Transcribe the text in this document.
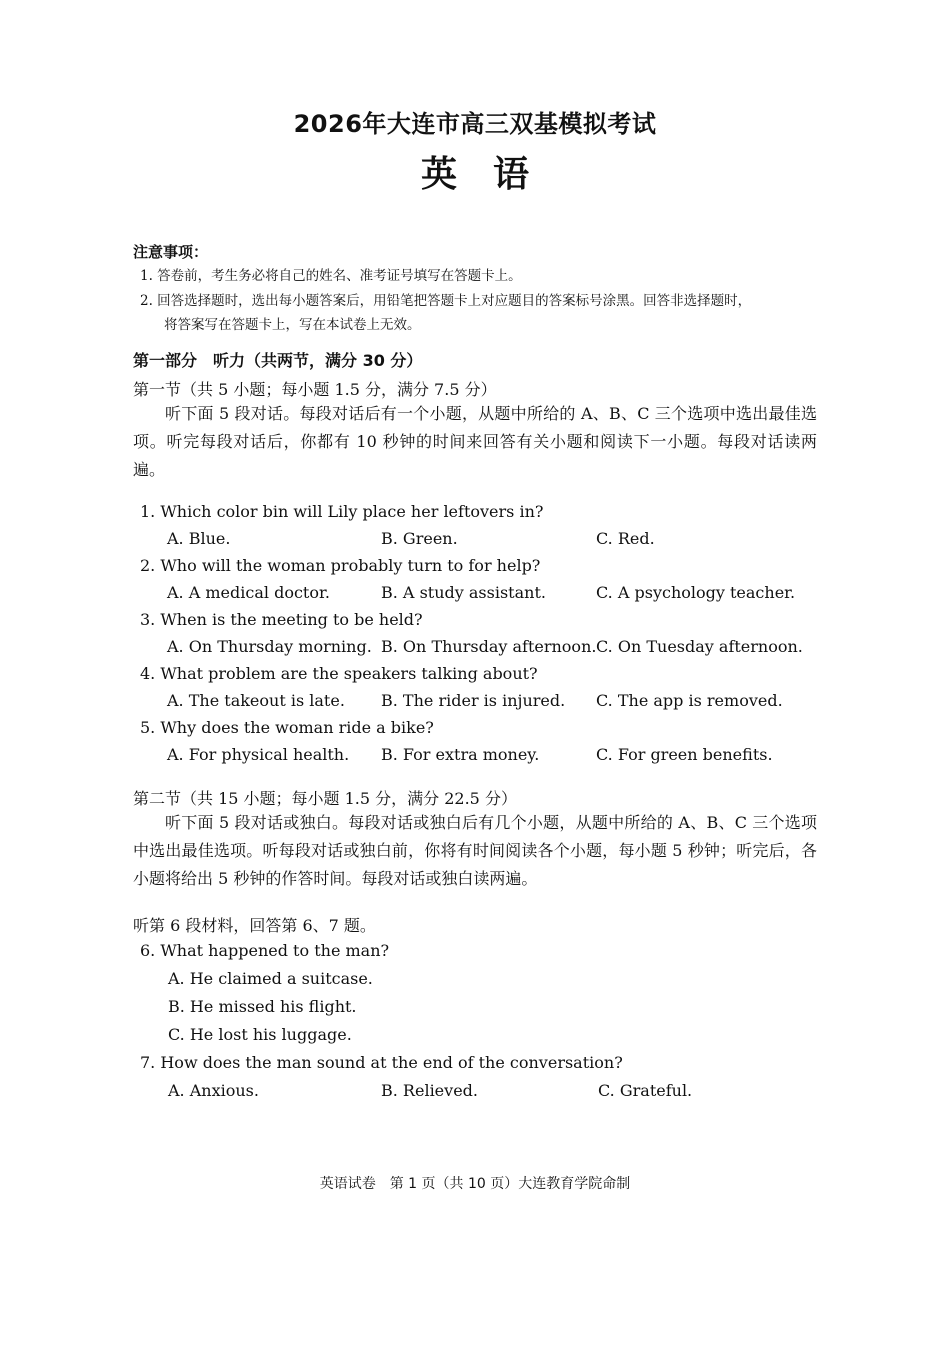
2026年大连市高三双基模拟考试
英语
注意事项：
1. 答卷前，考生务必将自己的姓名、准考证号填写在答题卡上。
2. 回答选择题时，选出每小题答案后，用铅笔把答题卡上对应题目的答案标号涂黑。回答非选择题时，
将答案写在答题卡上，写在本试卷上无效。
第一部分　听力（共两节，满分 30 分）
第一节（共 5 小题；每小题 1.5 分，满分 7.5 分）
听下面 5 段对话。每段对话后有一个小题，从题中所给的 A、B、C 三个选项中选出最佳选项。听完每段对话后，你都有 10 秒钟的时间来回答有关小题和阅读下一小题。每段对话读两遍。
1. Which color bin will Lily place her leftovers in?
A. Blue.	B. Green.	C. Red.
2. Who will the woman probably turn to for help?
A. A medical doctor.	B. A study assistant.	C. A psychology teacher.
3. When is the meeting to be held?
A. On Thursday morning. B. On Thursday afternoon. C. On Tuesday afternoon.
4. What problem are the speakers talking about?
A. The takeout is late. B. The rider is injured. C. The app is removed.
5. Why does the woman ride a bike?
A. For physical health. B. For extra money.	C. For green benefits.
第二节（共 15 小题；每小题 1.5 分，满分 22.5 分）
听下面 5 段对话或独白。每段对话或独白后有几个小题，从题中所给的 A、B、C 三个选项中选出最佳选项。听每段对话或独白前，你将有时间阅读各个小题，每小题 5 秒钟；听完后，各小题将给出 5 秒钟的作答时间。每段对话或独白读两遍。
听第 6 段材料，回答第 6、7 题。
6. What happened to the man?
A. He claimed a suitcase.
B. He missed his flight.
C. He lost his luggage.
7. How does the man sound at the end of the conversation?
A. Anxious.	B. Relieved.	C. Grateful.
英语试卷　第 1 页（共 10 页）大连教育学院命制
